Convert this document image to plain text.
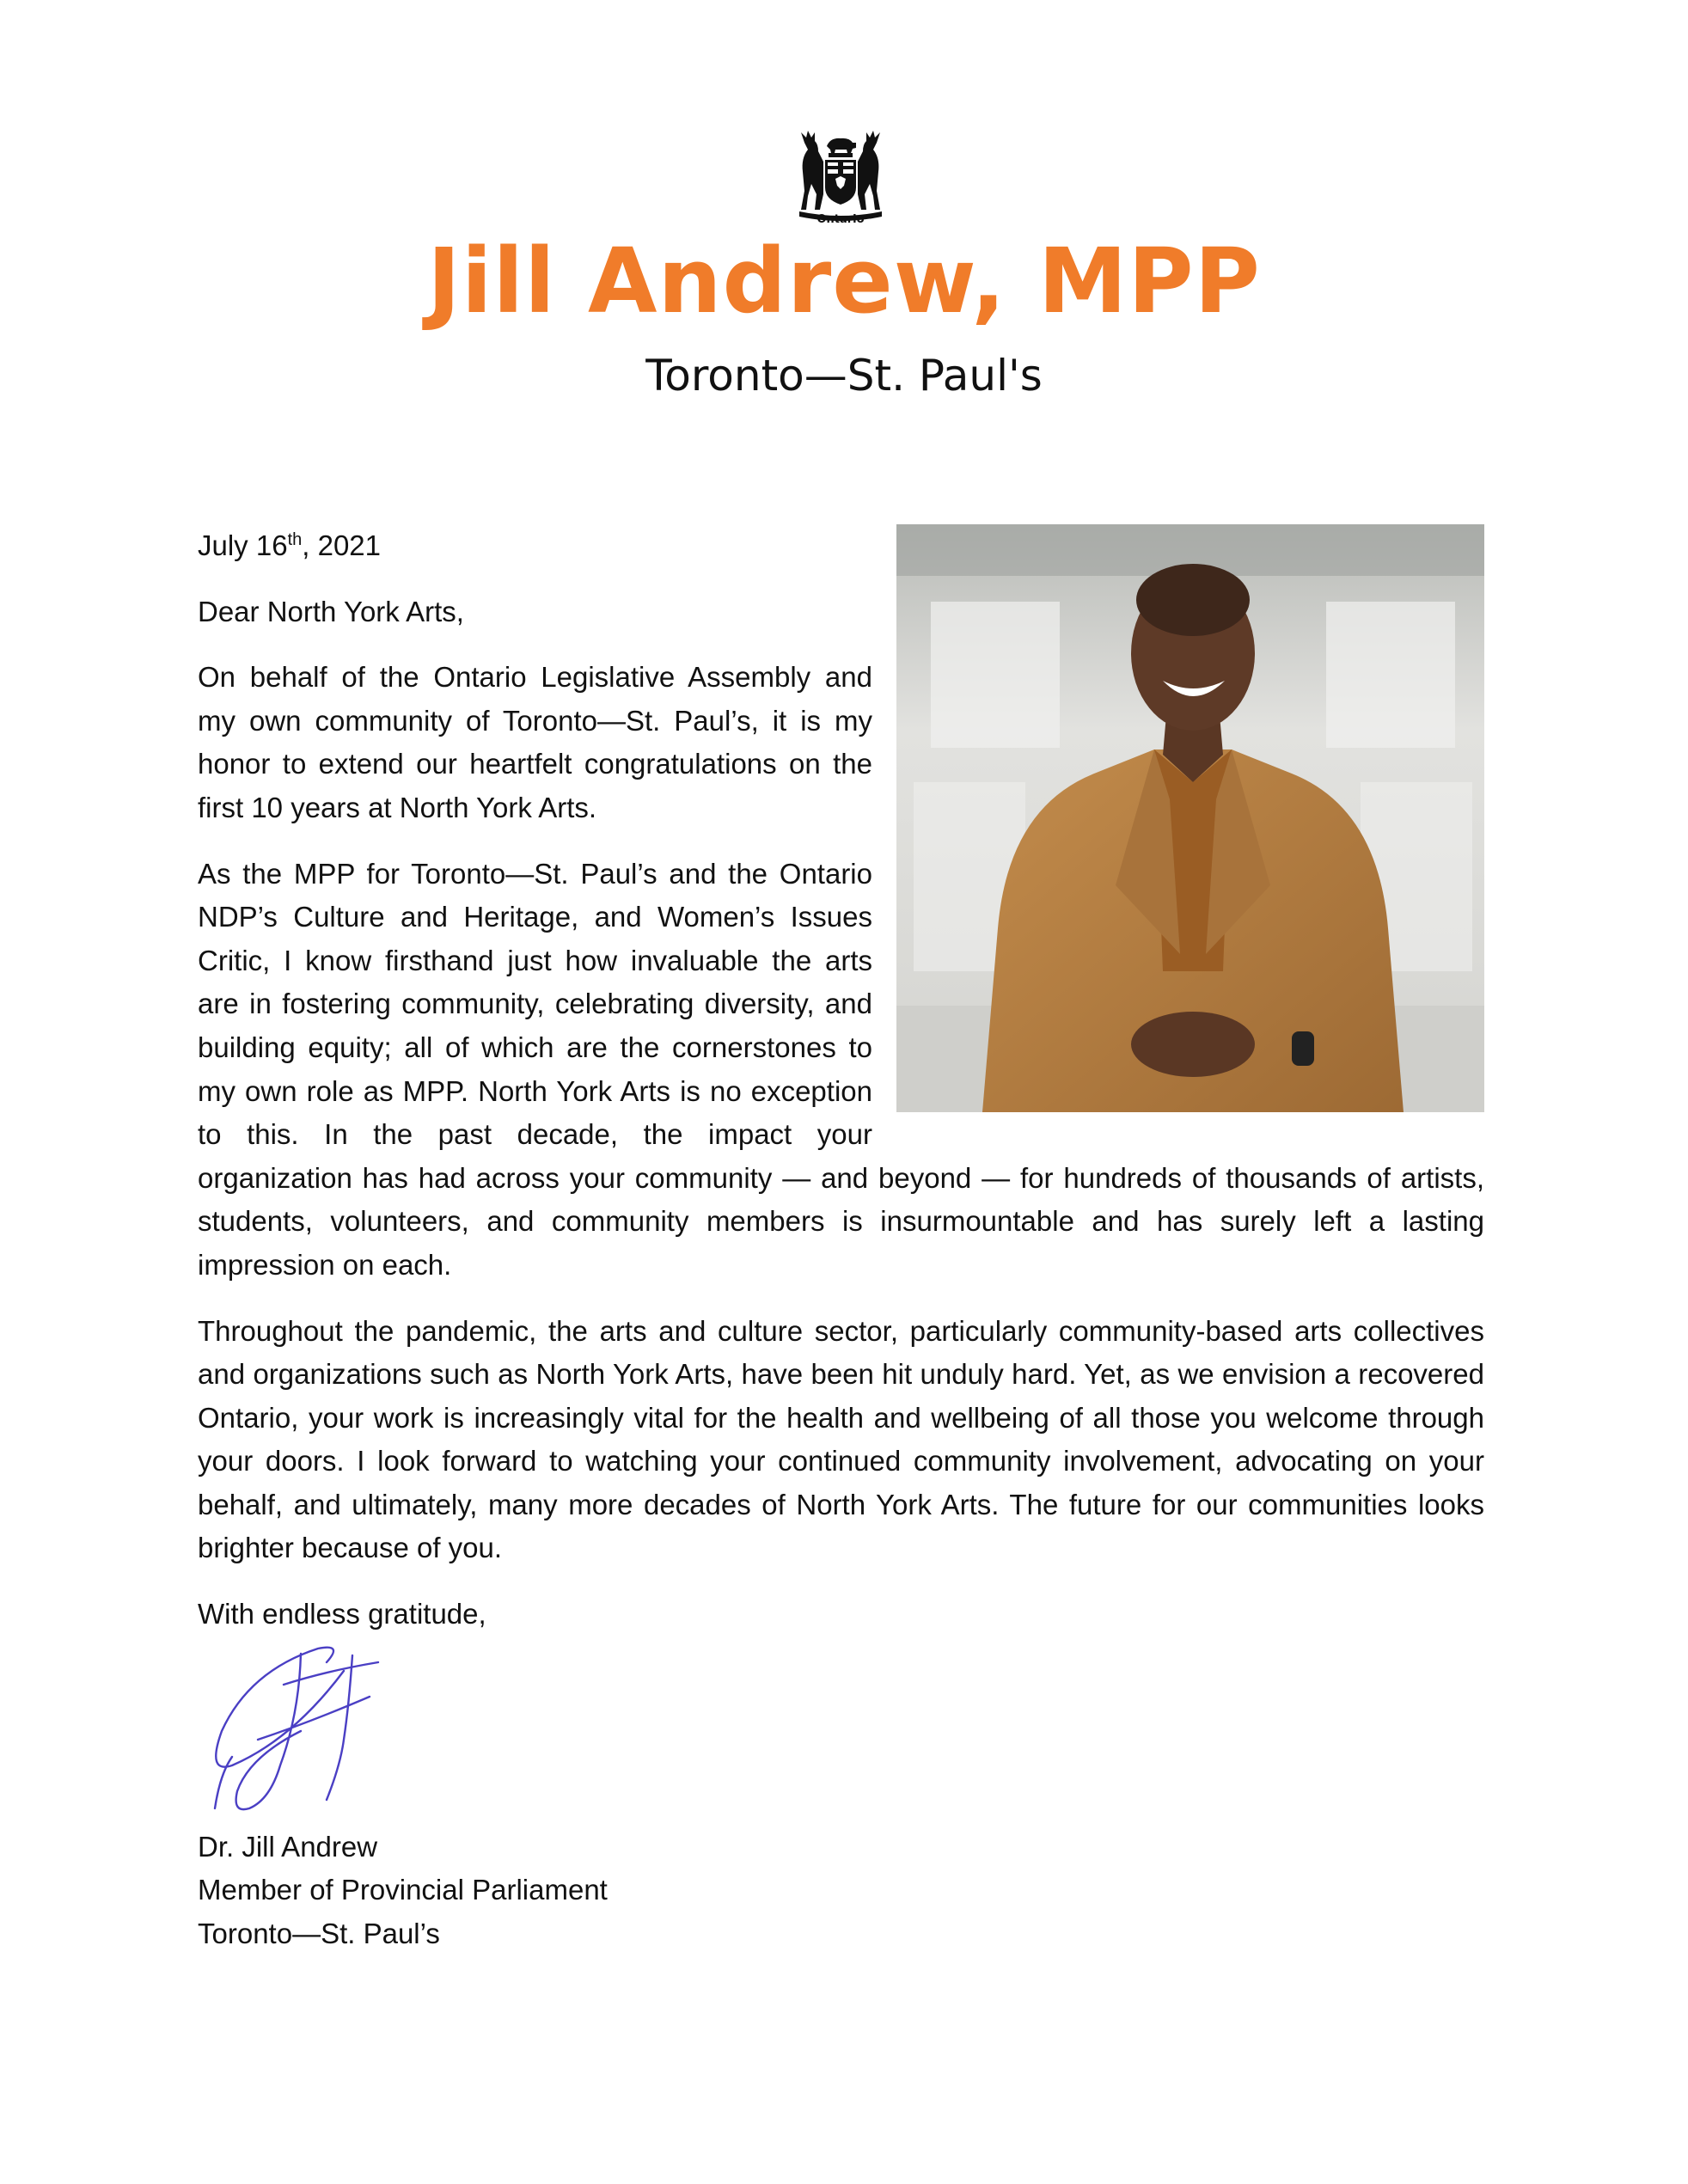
Ontario
Jill Andrew, MPP
Toronto—St. Paul's

July 16th, 2021

Dear North York Arts,

On behalf of the Ontario Legislative Assembly and my own community of Toronto—St. Paul’s, it is my honor to extend our heartfelt congratulations on the first 10 years at North York Arts.

As the MPP for Toronto—St. Paul’s and the Ontario NDP’s Culture and Heritage, and Women’s Issues Critic, I know firsthand just how invaluable the arts are in fostering community, celebrating diversity, and building equity; all of which are the cornerstones to my own role as MPP. North York Arts is no exception to this. In the past decade, the impact your organization has had across your community — and beyond — for hundreds of thousands of artists, students, volunteers, and community members is insurmountable and has surely left a lasting impression on each.

Throughout the pandemic, the arts and culture sector, particularly community-based arts collectives and organizations such as North York Arts, have been hit unduly hard. Yet, as we envision a recovered Ontario, your work is increasingly vital for the health and wellbeing of all those you welcome through your doors. I look forward to watching your continued community involvement, advocating on your behalf, and ultimately, many more decades of North York Arts. The future for our communities looks brighter because of you.

With endless gratitude,

Dr. Jill Andrew
Member of Provincial Parliament
Toronto—St. Paul’s
